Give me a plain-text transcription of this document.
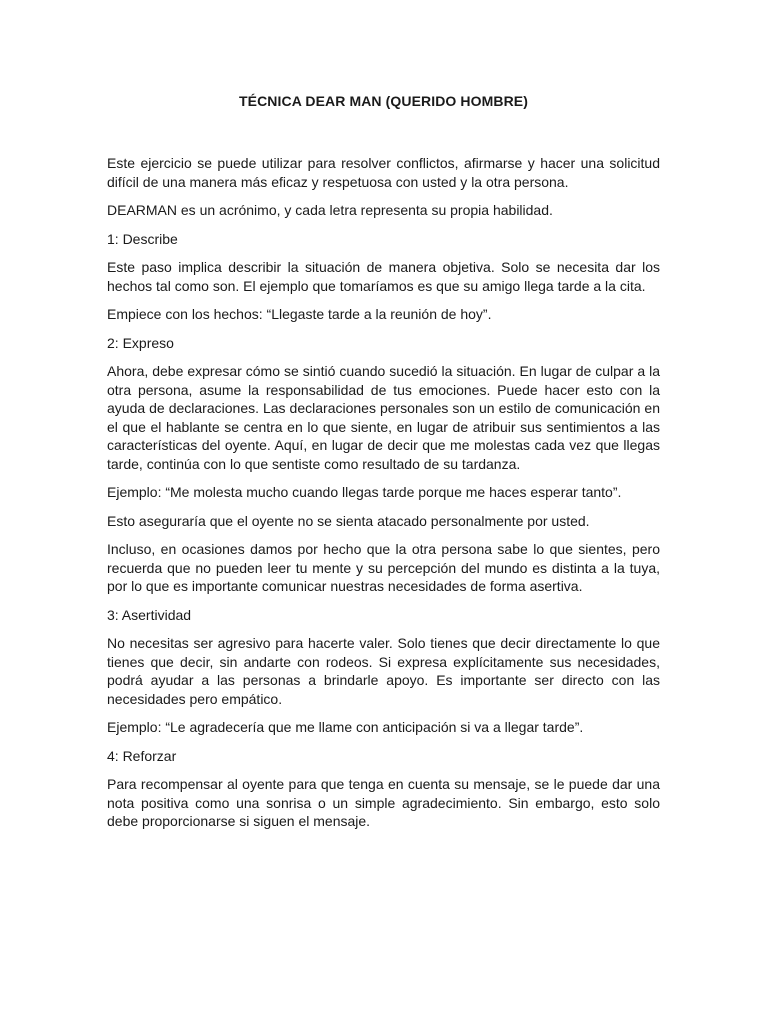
TÉCNICA DEAR MAN (QUERIDO HOMBRE)
Este ejercicio se puede utilizar para resolver conflictos, afirmarse y hacer una solicitud difícil de una manera más eficaz y respetuosa con usted y la otra persona.
DEARMAN es un acrónimo, y cada letra representa su propia habilidad.
1: Describe
Este paso implica describir la situación de manera objetiva. Solo se necesita dar los hechos tal como son. El ejemplo que tomaríamos es que su amigo llega tarde a la cita.
Empiece con los hechos: “Llegaste tarde a la reunión de hoy”.
2: Expreso
Ahora, debe expresar cómo se sintió cuando sucedió la situación. En lugar de culpar a la otra persona, asume la responsabilidad de tus emociones. Puede hacer esto con la ayuda de declaraciones. Las declaraciones personales son un estilo de comunicación en el que el hablante se centra en lo que siente, en lugar de atribuir sus sentimientos a las características del oyente. Aquí, en lugar de decir que me molestas cada vez que llegas tarde, continúa con lo que sentiste como resultado de su tardanza.
Ejemplo: “Me molesta mucho cuando llegas tarde porque me haces esperar tanto”.
Esto aseguraría que el oyente no se sienta atacado personalmente por usted.
Incluso, en ocasiones damos por hecho que la otra persona sabe lo que sientes, pero recuerda que no pueden leer tu mente y su percepción del mundo es distinta a la tuya, por lo que es importante comunicar nuestras necesidades de forma asertiva.
3: Asertividad
No necesitas ser agresivo para hacerte valer. Solo tienes que decir directamente lo que tienes que decir, sin andarte con rodeos. Si expresa explícitamente sus necesidades, podrá ayudar a las personas a brindarle apoyo. Es importante ser directo con las necesidades pero empático.
Ejemplo: “Le agradecería que me llame con anticipación si va a llegar tarde”.
4: Reforzar
Para recompensar al oyente para que tenga en cuenta su mensaje, se le puede dar una nota positiva como una sonrisa o un simple agradecimiento. Sin embargo, esto solo debe proporcionarse si siguen el mensaje.
